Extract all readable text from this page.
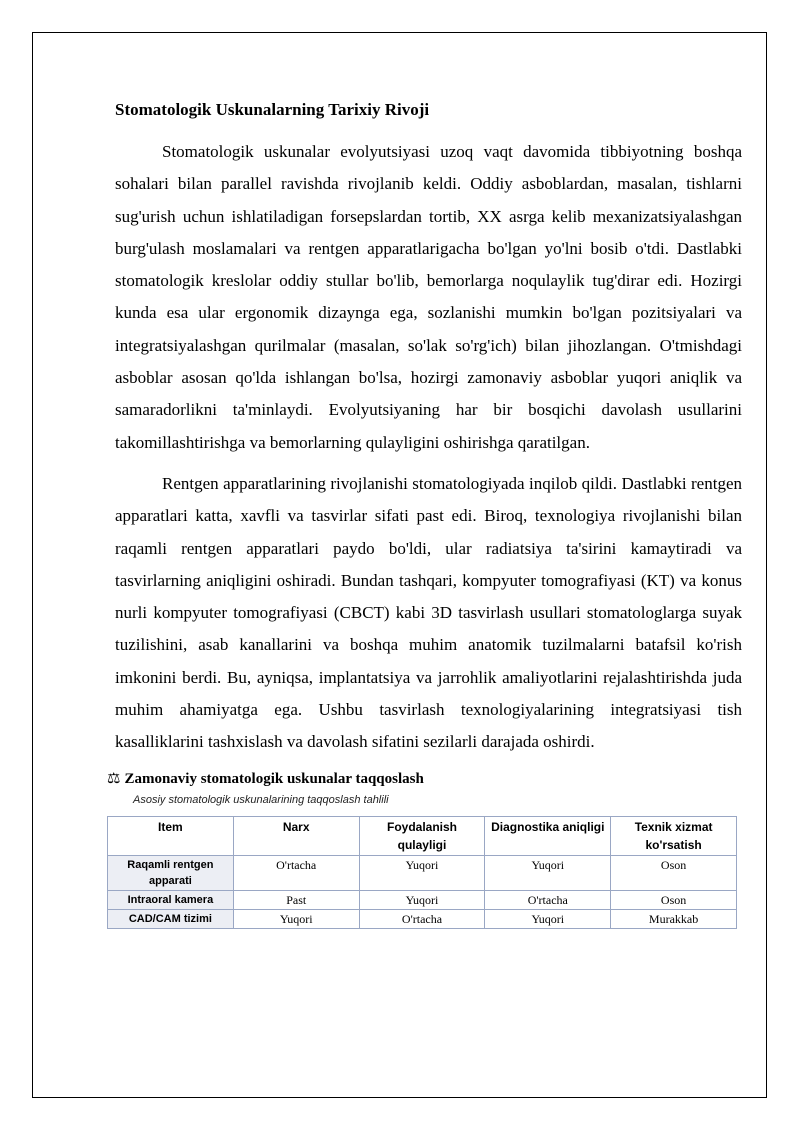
Stomatologik Uskunalarning Tarixiy Rivoji

Stomatologik uskunalar evolyutsiyasi uzoq vaqt davomida tibbiyotning boshqa sohalari bilan parallel ravishda rivojlanib keldi. Oddiy asboblardan, masalan, tishlarni sug'urish uchun ishlatiladigan forsepslardan tortib, XX asrga kelib mexanizatsiyalashgan burg'ulash moslamalari va rentgen apparatlarigacha bo'lgan yo'lni bosib o'tdi. Dastlabki stomatologik kreslolar oddiy stullar bo'lib, bemorlarga noqulaylik tug'dirar edi. Hozirgi kunda esa ular ergonomik dizaynga ega, sozlanishi mumkin bo'lgan pozitsiyalari va integratsiyalashgan qurilmalar (masalan, so'lak so'rg'ich) bilan jihozlangan. O'tmishdagi asboblar asosan qo'lda ishlangan bo'lsa, hozirgi zamonaviy asboblar yuqori aniqlik va samaradorlikni ta'minlaydi. Evolyutsiyaning har bir bosqichi davolash usullarini takomillashtirishga va bemorlarning qulayligini oshirishga qaratilgan.

Rentgen apparatlarining rivojlanishi stomatologiyada inqilob qildi. Dastlabki rentgen apparatlari katta, xavfli va tasvirlar sifati past edi. Biroq, texnologiya rivojlanishi bilan raqamli rentgen apparatlari paydo bo'ldi, ular radiatsiya ta'sirini kamaytiradi va tasvirlarning aniqligini oshiradi. Bundan tashqari, kompyuter tomografiyasi (KT) va konus nurli kompyuter tomografiyasi (CBCT) kabi 3D tasvirlash usullari stomatologlarga suyak tuzilishini, asab kanallarini va boshqa muhim anatomik tuzilmalarni batafsil ko'rish imkonini berdi. Bu, ayniqsa, implantatsiya va jarrohlik amaliyotlarini rejalashtirishda juda muhim ahamiyatga ega. Ushbu tasvirlash texnologiyalarining integratsiyasi tish kasalliklarini tashxislash va davolash sifatini sezilarli darajada oshirdi.

⚖ Zamonaviy stomatologik uskunalar taqqoslash
Asosiy stomatologik uskunalarining taqqoslash tahlili
Item	Narx	Foydalanish qulayligi	Diagnostika aniqligi	Texnik xizmat ko'rsatish
Raqamli rentgen apparati	O'rtacha	Yuqori	Yuqori	Oson
Intraoral kamera	Past	Yuqori	O'rtacha	Oson
CAD/CAM tizimi	Yuqori	O'rtacha	Yuqori	Murakkab
